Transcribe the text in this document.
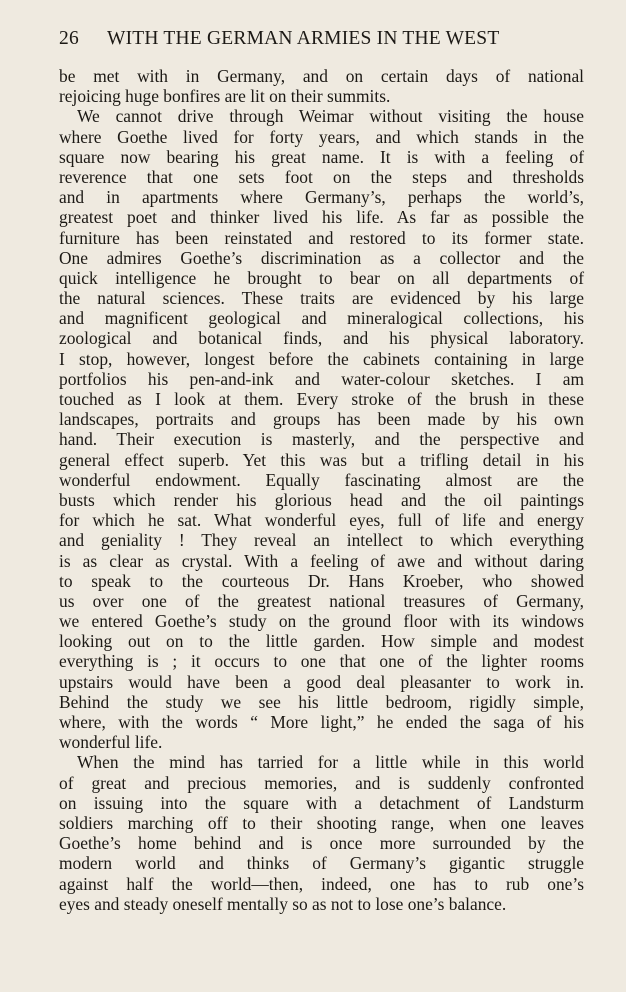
26 WITH THE GERMAN ARMIES IN THE WEST
be met with in Germany, and on certain days of national
rejoicing huge bonfires are lit on their summits.
We cannot drive through Weimar without visiting the house
where Goethe lived for forty years, and which stands in the
square now bearing his great name. It is with a feeling of
reverence that one sets foot on the steps and thresholds
and in apartments where Germany’s, perhaps the world’s,
greatest poet and thinker lived his life. As far as possible the
furniture has been reinstated and restored to its former state.
One admires Goethe’s discrimination as a collector and the
quick intelligence he brought to bear on all departments of
the natural sciences. These traits are evidenced by his large
and magnificent geological and mineralogical collections, his
zoological and botanical finds, and his physical laboratory.
I stop, however, longest before the cabinets containing in large
portfolios his pen-and-ink and water-colour sketches. I am
touched as I look at them. Every stroke of the brush in these
landscapes, portraits and groups has been made by his own
hand. Their execution is masterly, and the perspective and
general effect superb. Yet this was but a trifling detail in his
wonderful endowment. Equally fascinating almost are the
busts which render his glorious head and the oil paintings
for which he sat. What wonderful eyes, full of life and energy
and geniality ! They reveal an intellect to which everything
is as clear as crystal. With a feeling of awe and without daring
to speak to the courteous Dr. Hans Kroeber, who showed
us over one of the greatest national treasures of Germany,
we entered Goethe’s study on the ground floor with its windows
looking out on to the little garden. How simple and modest
everything is ; it occurs to one that one of the lighter rooms
upstairs would have been a good deal pleasanter to work in.
Behind the study we see his little bedroom, rigidly simple,
where, with the words “ More light,” he ended the saga of his
wonderful life.
When the mind has tarried for a little while in this world
of great and precious memories, and is suddenly confronted
on issuing into the square with a detachment of Landsturm
soldiers marching off to their shooting range, when one leaves
Goethe’s home behind and is once more surrounded by the
modern world and thinks of Germany’s gigantic struggle
against half the world—then, indeed, one has to rub one’s
eyes and steady oneself mentally so as not to lose one’s balance.
